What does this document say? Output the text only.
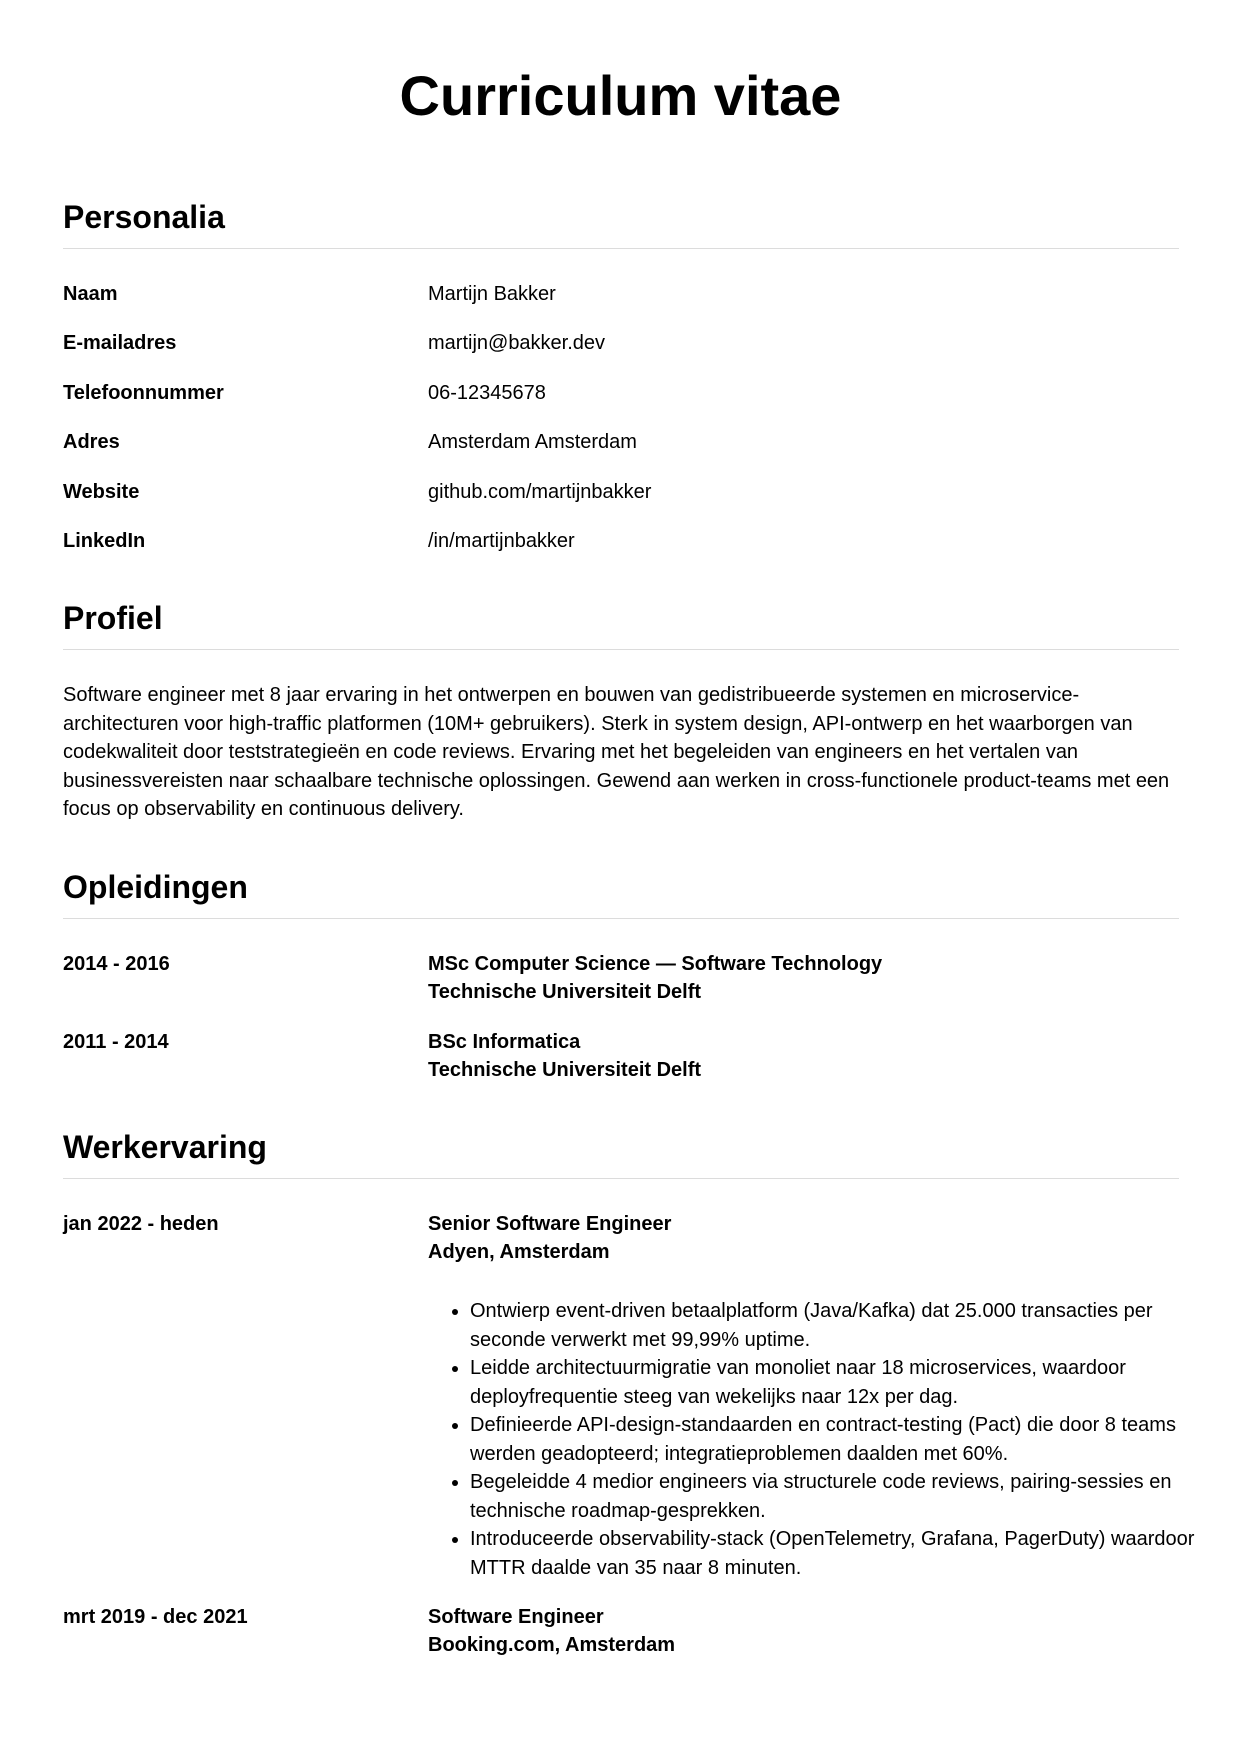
Curriculum vitae
Personalia
Naam	Martijn Bakker
E-mailadres	martijn@bakker.dev
Telefoonnummer	06-12345678
Adres	Amsterdam Amsterdam
Website	github.com/martijnbakker
LinkedIn	/in/martijnbakker
Profiel

Software engineer met 8 jaar ervaring in het ontwerpen en bouwen van gedistribueerde systemen en microservice-architecturen voor high-traffic platformen (10M+ gebruikers). Sterk in system design, API-ontwerp en het waarborgen van codekwaliteit door teststrategieën en code reviews. Ervaring met het begeleiden van engineers en het vertalen van businessvereisten naar schaalbare technische oplossingen. Gewend aan werken in cross-functionele product-teams met een focus op observability en continuous delivery.

Opleidingen
2014 - 2016	MSc Computer Science — Software Technology
Technische Universiteit Delft
2011 - 2014	BSc Informatica
Technische Universiteit Delft
Werkervaring
jan 2022 - heden	Senior Software Engineer
Adyen, Amsterdam
• Ontwierp event-driven betaalplatform (Java/Kafka) dat 25.000 transacties per seconde verwerkt met 99,99% uptime.
• Leidde architectuurmigratie van monoliet naar 18 microservices, waardoor deployfrequentie steeg van wekelijks naar 12x per dag.
• Definieerde API-design-standaarden en contract-testing (Pact) die door 8 teams werden geadopteerd; integratieproblemen daalden met 60%.
• Begeleidde 4 medior engineers via structurele code reviews, pairing-sessies en technische roadmap-gesprekken.
• Introduceerde observability-stack (OpenTelemetry, Grafana, PagerDuty) waardoor MTTR daalde van 35 naar 8 minuten.
mrt 2019 - dec 2021	Software Engineer
Booking.com, Amsterdam
